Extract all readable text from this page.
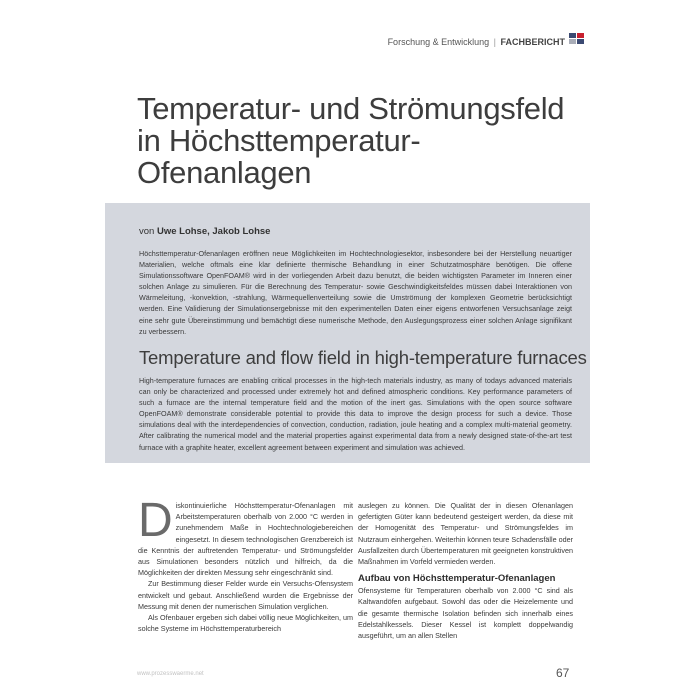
Forschung & Entwicklung | FACHBERICHT
Temperatur- und Strömungsfeld
in Höchsttemperatur-
Ofenanlagen
von Uwe Lohse, Jakob Lohse

Höchsttemperatur-Ofenanlagen eröffnen neue Möglichkeiten im Hochtechnologiesektor, insbesondere bei der Herstellung neuartiger Materialien, welche oftmals eine klar definierte thermische Behandlung in einer Schutzatmosphäre benötigen. Die offene Simulationssoftware OpenFOAM® wird in der vorliegenden Arbeit dazu benutzt, die beiden wichtigsten Parameter im Inneren einer solchen Anlage zu simulieren. Für die Berechnung des Temperatur- sowie Geschwindigkeitsfeldes müssen dabei Interaktionen von Wärmeleitung, -konvektion, -strahlung, Wärmequellenverteilung sowie die Umströmung der komplexen Geometrie berücksichtigt werden. Eine Validierung der Simulationsergebnisse mit den experimentellen Daten einer eigens entworfenen Versuchsanlage zeigt eine sehr gute Übereinstimmung und bemächtigt diese numerische Methode, den Auslegungsprozess einer solchen Anlage signifikant zu verbessern.

Temperature and flow field in high-temperature furnaces

High-temperature furnaces are enabling critical processes in the high-tech materials industry, as many of todays advanced materials can only be characterized and processed under extremely hot and defined atmospheric conditions. Key performance parameters of such a furnace are the internal temperature field and the motion of the inert gas. Simulations with the open source software OpenFOAM® demonstrate considerable potential to provide this data to improve the design process for such a device. Those simulations deal with the interdependencies of convection, conduction, radiation, joule heating and a complex multi-material geometry. After calibrating the numerical model and the material properties against experimental data from a newly designed state-of-the-art test furnace with a graphite heater, excellent agreement between experiment and simulation was achieved.

Diskontinuierliche Höchsttemperatur-Ofenanlagen mit Arbeitstemperaturen oberhalb von 2.000 °C werden in zunehmendem Maße in Hochtechnologiebereichen eingesetzt. In diesem technologischen Grenzbereich ist die Kenntnis der auftretenden Temperatur- und Strömungsfelder aus Simulationen besonders nützlich und hilfreich, da die Möglichkeiten der direkten Messung sehr eingeschränkt sind.

Zur Bestimmung dieser Felder wurde ein Versuchs-Ofensystem entwickelt und gebaut. Anschließend wurden die Ergebnisse der Messung mit denen der numerischen Simulation verglichen.

Als Ofenbauer ergeben sich dabei völlig neue Möglichkeiten, um solche Systeme im Höchsttemperaturbereich

auslegen zu können. Die Qualität der in diesen Ofenanlagen gefertigten Güter kann bedeutend gesteigert werden, da diese mit der Homogenität des Temperatur- und Strömungsfeldes im Nutzraum einhergehen. Weiterhin können teure Schadensfälle oder Ausfallzeiten durch Übertemperaturen mit geeigneten konstruktiven Maßnahmen im Vorfeld vermieden werden.

Aufbau von Höchsttemperatur-Ofenanlagen

Ofensysteme für Temperaturen oberhalb von 2.000 °C sind als Kaltwandöfen aufgebaut. Sowohl das oder die Heizelemente und die gesamte thermische Isolation befinden sich innerhalb eines Edelstahlkessels. Dieser Kessel ist komplett doppelwandig ausgeführt, um an allen Stellen

www.prozesswaerme.net	67
